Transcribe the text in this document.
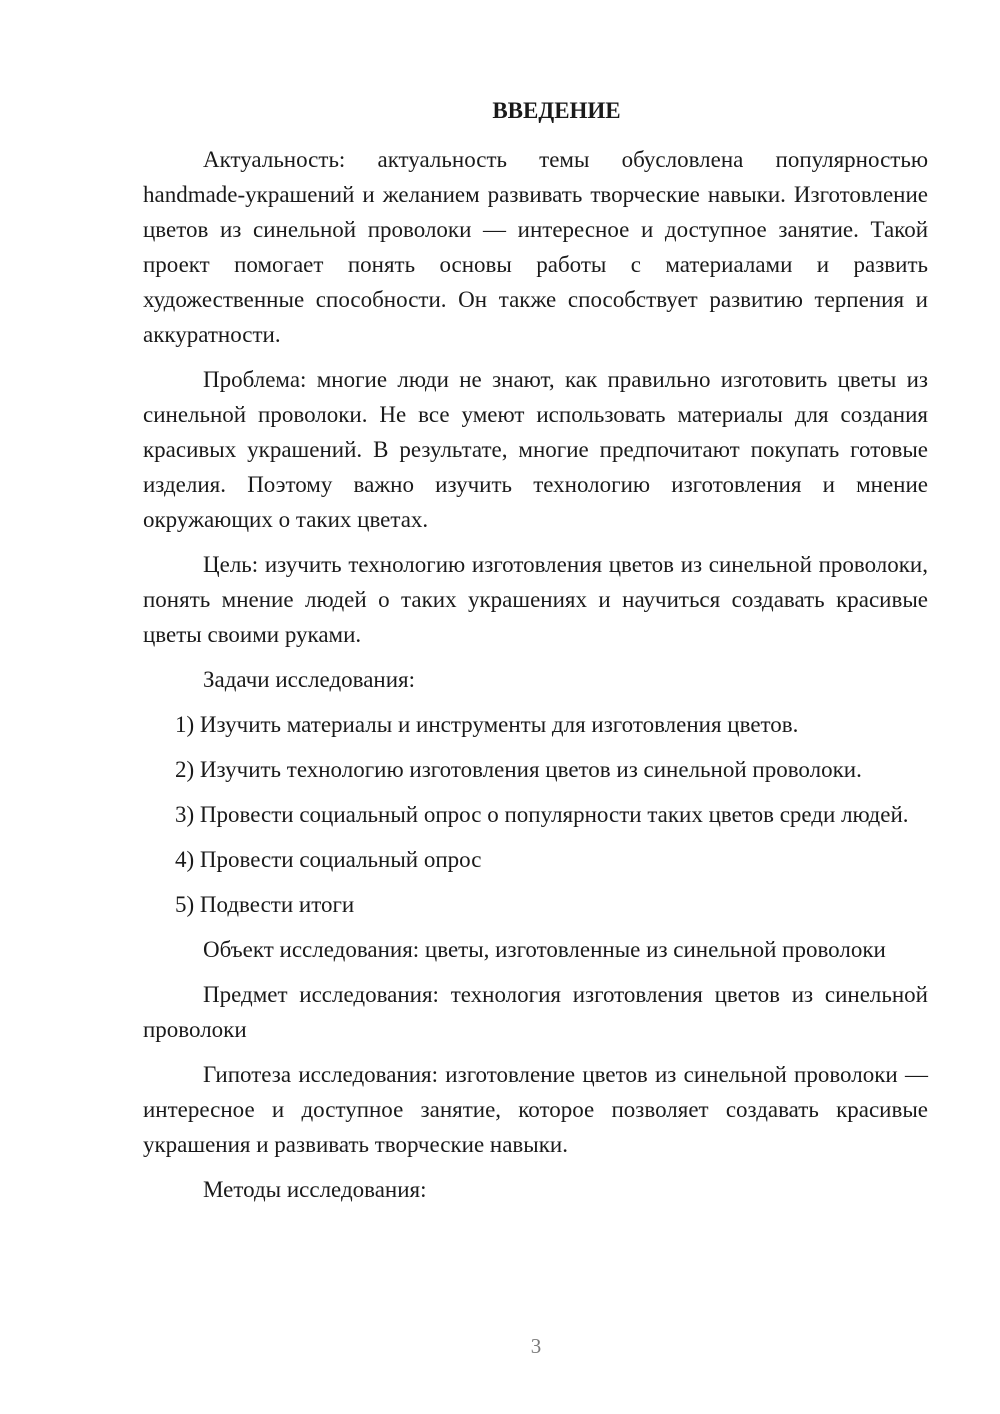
ВВЕДЕНИЕ

Актуальность: актуальность темы обусловлена популярностью handmade-украшений и желанием развивать творческие навыки. Изготовление цветов из синельной проволоки — интересное и доступное занятие. Такой проект помогает понять основы работы с материалами и развить художественные способности. Он также способствует развитию терпения и аккуратности.

Проблема: многие люди не знают, как правильно изготовить цветы из синельной проволоки. Не все умеют использовать материалы для создания красивых украшений. В результате, многие предпочитают покупать готовые изделия. Поэтому важно изучить технологию изготовления и мнение окружающих о таких цветах.

Цель: изучить технологию изготовления цветов из синельной проволоки, понять мнение людей о таких украшениях и научиться создавать красивые цветы своими руками.

Задачи исследования:

1) Изучить материалы и инструменты для изготовления цветов.

2) Изучить технологию изготовления цветов из синельной проволоки.

3) Провести социальный опрос о популярности таких цветов среди людей.

4) Провести социальный опрос

5) Подвести итоги

Объект исследования: цветы, изготовленные из синельной проволоки

Предмет исследования: технология изготовления цветов из синельной проволоки

Гипотеза исследования: изготовление цветов из синельной проволоки — интересное и доступное занятие, которое позволяет создавать красивые украшения и развивать творческие навыки.

Методы исследования:

3
